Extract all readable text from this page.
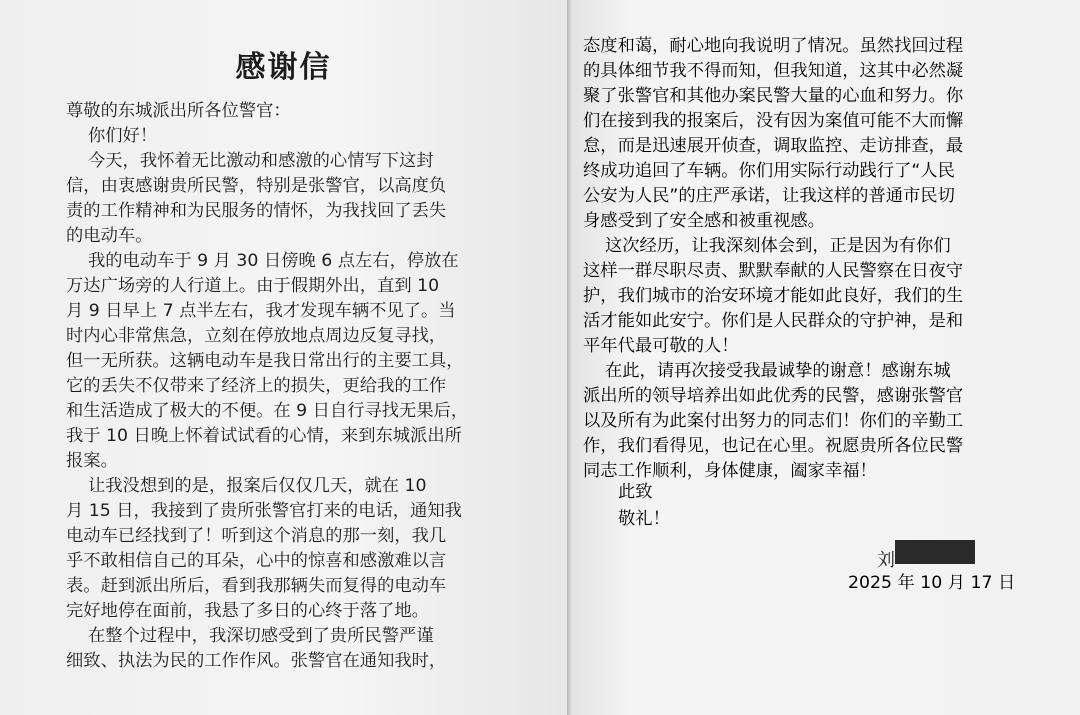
感谢信
尊敬的东城派出所各位警官：
你们好！
今天，我怀着无比激动和感激的心情写下这封
信，由衷感谢贵所民警，特别是张警官，以高度负
责的工作精神和为民服务的情怀，为我找回了丢失
的电动车。
我的电动车于 9 月 30 日傍晚 6 点左右，停放在
万达广场旁的人行道上。由于假期外出，直到 10
月 9 日早上 7 点半左右，我才发现车辆不见了。当
时内心非常焦急，立刻在停放地点周边反复寻找，
但一无所获。这辆电动车是我日常出行的主要工具，
它的丢失不仅带来了经济上的损失，更给我的工作
和生活造成了极大的不便。在 9 日自行寻找无果后，
我于 10 日晚上怀着试试看的心情，来到东城派出所
报案。
让我没想到的是，报案后仅仅几天，就在 10
月 15 日，我接到了贵所张警官打来的电话，通知我
电动车已经找到了！听到这个消息的那一刻，我几
乎不敢相信自己的耳朵，心中的惊喜和感激难以言
表。赶到派出所后，看到我那辆失而复得的电动车
完好地停在面前，我悬了多日的心终于落了地。
在整个过程中，我深切感受到了贵所民警严谨
细致、执法为民的工作作风。张警官在通知我时，
态度和蔼，耐心地向我说明了情况。虽然找回过程
的具体细节我不得而知，但我知道，这其中必然凝
聚了张警官和其他办案民警大量的心血和努力。你
们在接到我的报案后，没有因为案值可能不大而懈
怠，而是迅速展开侦查，调取监控、走访排查，最
终成功追回了车辆。你们用实际行动践行了“人民
公安为人民”的庄严承诺，让我这样的普通市民切
身感受到了安全感和被重视感。
这次经历，让我深刻体会到，正是因为有你们
这样一群尽职尽责、默默奉献的人民警察在日夜守
护，我们城市的治安环境才能如此良好，我们的生
活才能如此安宁。你们是人民群众的守护神，是和
平年代最可敬的人！
在此，请再次接受我最诚挚的谢意！感谢东城
派出所的领导培养出如此优秀的民警，感谢张警官
以及所有为此案付出努力的同志们！你们的辛勤工
作，我们看得见，也记在心里。祝愿贵所各位民警
同志工作顺利，身体健康，阖家幸福！
此致
敬礼！
刘
2025 年 10 月 17 日
